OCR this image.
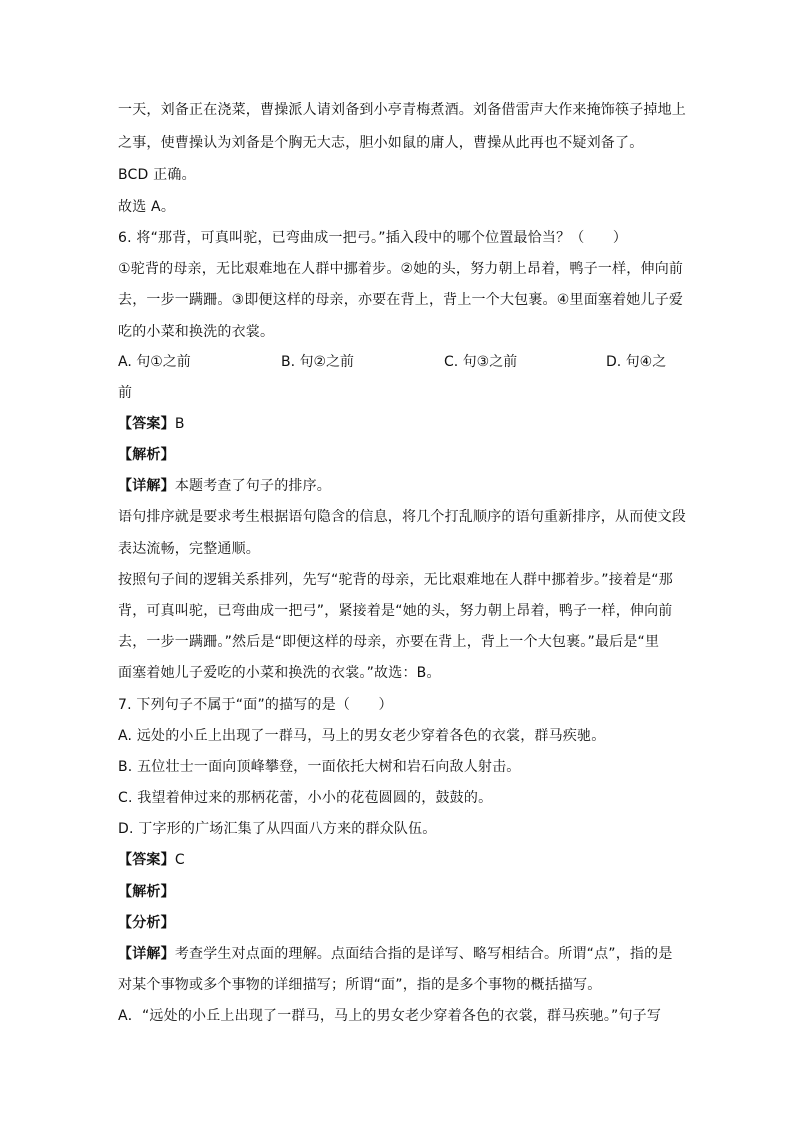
一天，刘备正在浇菜，曹操派人请刘备到小亭青梅煮酒。刘备借雷声大作来掩饰筷子掉地上
之事，使曹操认为刘备是个胸无大志，胆小如鼠的庸人，曹操从此再也不疑刘备了。
BCD 正确。
故选 A。
6. 将“那背，可真叫驼，已弯曲成一把弓。”插入段中的哪个位置最恰当？（　　）
①驼背的母亲，无比艰难地在人群中挪着步。②她的头，努力朝上昂着，鸭子一样，伸向前
去，一步一蹒跚。③即便这样的母亲，亦要在背上，背上一个大包裹。④里面塞着她儿子爱
吃的小菜和换洗的衣裳。
A. 句①之前	B. 句②之前	C. 句③之前	D. 句④之
前
【答案】B
【解析】
【详解】本题考查了句子的排序。
语句排序就是要求考生根据语句隐含的信息，将几个打乱顺序的语句重新排序，从而使文段
表达流畅，完整通顺。
按照句子间的逻辑关系排列，先写“驼背的母亲，无比艰难地在人群中挪着步。”接着是“那
背，可真叫驼，已弯曲成一把弓”，紧接着是“她的头，努力朝上昂着，鸭子一样，伸向前
去，一步一蹒跚。”然后是“即便这样的母亲，亦要在背上，背上一个大包裹。”最后是“里
面塞着她儿子爱吃的小菜和换洗的衣裳。”故选：B。
7. 下列句子不属于“面”的描写的是（　　）
A. 远处的小丘上出现了一群马，马上的男女老少穿着各色的衣裳，群马疾驰。
B. 五位壮士一面向顶峰攀登，一面依托大树和岩石向敌人射击。
C. 我望着伸过来的那柄花蕾，小小的花苞圆圆的，鼓鼓的。
D. 丁字形的广场汇集了从四面八方来的群众队伍。
【答案】C
【解析】
【分析】
【详解】考查学生对点面的理解。点面结合指的是详写、略写相结合。所谓“点”，指的是
对某个事物或多个事物的详细描写；所谓“面”，指的是多个事物的概括描写。
A．“远处的小丘上出现了一群马，马上的男女老少穿着各色的衣裳，群马疾驰。”句子写
